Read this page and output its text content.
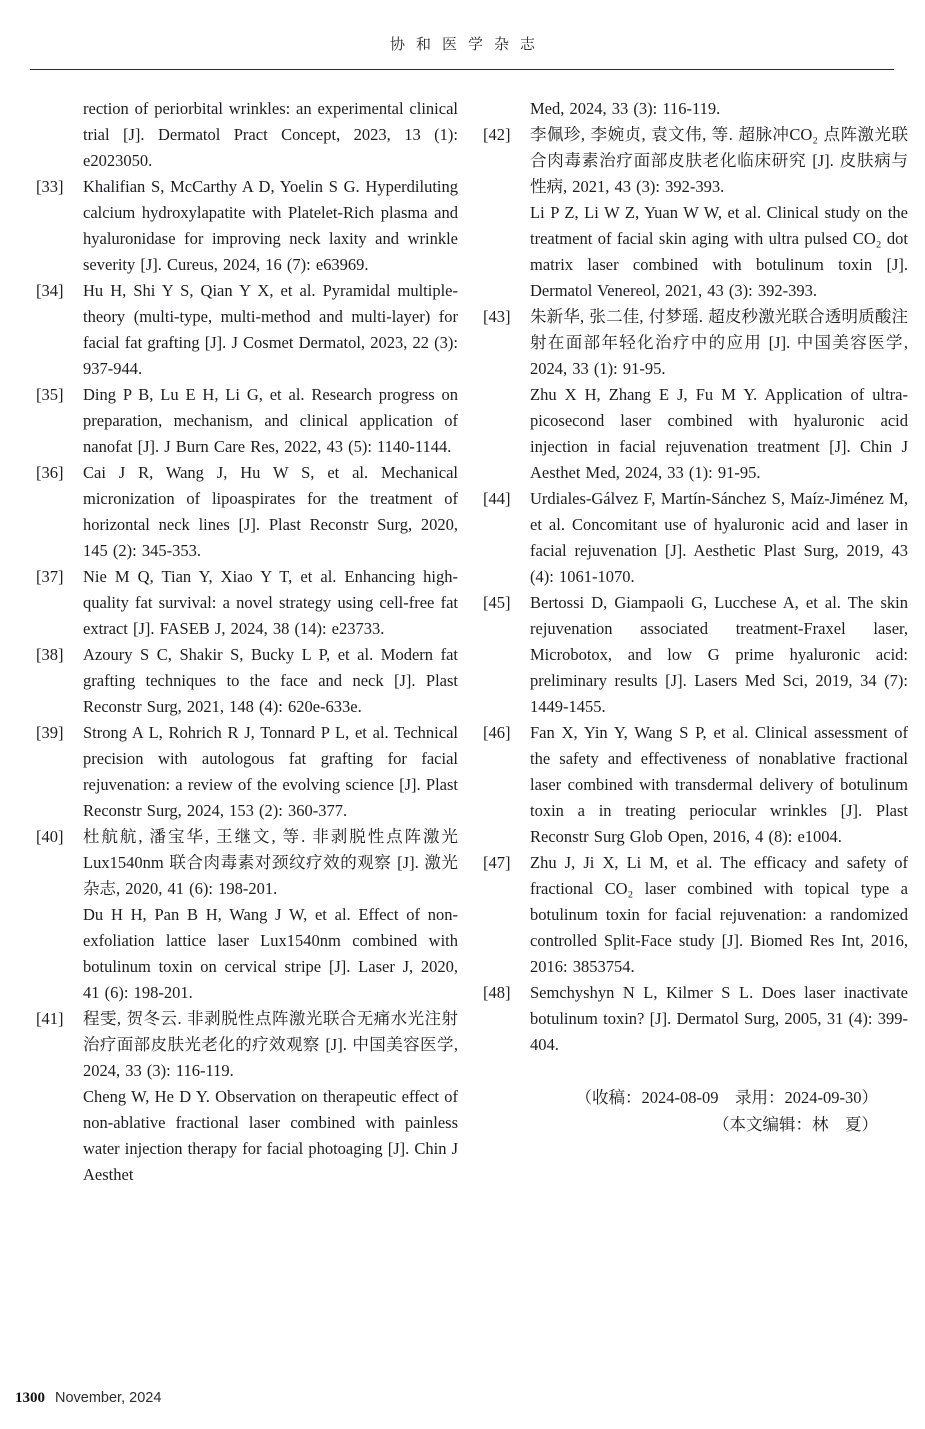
协和医学杂志

rection of periorbital wrinkles: an experimental clinical trial [J]. Dermatol Pract Concept, 2023, 13 (1): e2023050.

[33]	Khalifian S, McCarthy A D, Yoelin S G. Hyperdiluting calcium hydroxylapatite with Platelet-Rich plasma and hyaluronidase for improving neck laxity and wrinkle severity [J]. Cureus, 2024, 16 (7): e63969.

[34]	Hu H, Shi Y S, Qian Y X, et al. Pyramidal multiple-theory (multi-type, multi-method and multi-layer) for facial fat grafting [J]. J Cosmet Dermatol, 2023, 22 (3): 937-944.

[35]	Ding P B, Lu E H, Li G, et al. Research progress on preparation, mechanism, and clinical application of nanofat [J]. J Burn Care Res, 2022, 43 (5): 1140-1144.

[36]	Cai J R, Wang J, Hu W S, et al. Mechanical micronization of lipoaspirates for the treatment of horizontal neck lines [J]. Plast Reconstr Surg, 2020, 145 (2): 345-353.

[37]	Nie M Q, Tian Y, Xiao Y T, et al. Enhancing high-quality fat survival: a novel strategy using cell-free fat extract [J]. FASEB J, 2024, 38 (14): e23733.

[38]	Azoury S C, Shakir S, Bucky L P, et al. Modern fat grafting techniques to the face and neck [J]. Plast Reconstr Surg, 2021, 148 (4): 620e-633e.

[39]	Strong A L, Rohrich R J, Tonnard P L, et al. Technical precision with autologous fat grafting for facial rejuvenation: a review of the evolving science [J]. Plast Reconstr Surg, 2024, 153 (2): 360-377.

[40]	杜航航, 潘宝华, 王继文, 等. 非剥脱性点阵激光Lux1540nm 联合肉毒素对颈纹疗效的观察 [J]. 激光杂志, 2020, 41 (6): 198-201.

Du H H, Pan B H, Wang J W, et al. Effect of non-exfoliation lattice laser Lux1540nm combined with botulinum toxin on cervical stripe [J]. Laser J, 2020, 41 (6): 198-201.

[41]	程雯, 贺冬云. 非剥脱性点阵激光联合无痛水光注射治疗面部皮肤光老化的疗效观察 [J]. 中国美容医学, 2024, 33 (3): 116-119.

Cheng W, He D Y. Observation on therapeutic effect of non-ablative fractional laser combined with painless water injection therapy for facial photoaging [J]. Chin J Aesthet

Med, 2024, 33 (3): 116-119.

[42]	李佩珍, 李婉贞, 袁文伟, 等. 超脉冲CO₂ 点阵激光联合肉毒素治疗面部皮肤老化临床研究 [J]. 皮肤病与性病, 2021, 43 (3): 392-393.

Li P Z, Li W Z, Yuan W W, et al. Clinical study on the treatment of facial skin aging with ultra pulsed CO₂ dot matrix laser combined with botulinum toxin [J]. Dermatol Venereol, 2021, 43 (3): 392-393.

[43]	朱新华, 张二佳, 付梦瑶. 超皮秒激光联合透明质酸注射在面部年轻化治疗中的应用 [J]. 中国美容医学, 2024, 33 (1): 91-95.

Zhu X H, Zhang E J, Fu M Y. Application of ultra-picosecond laser combined with hyaluronic acid injection in facial rejuvenation treatment [J]. Chin J Aesthet Med, 2024, 33 (1): 91-95.

[44]	Urdiales-Gálvez F, Martín-Sánchez S, Maíz-Jiménez M, et al. Concomitant use of hyaluronic acid and laser in facial rejuvenation [J]. Aesthetic Plast Surg, 2019, 43 (4): 1061-1070.

[45]	Bertossi D, Giampaoli G, Lucchese A, et al. The skin rejuvenation associated treatment-Fraxel laser, Microbotox, and low G prime hyaluronic acid: preliminary results [J]. Lasers Med Sci, 2019, 34 (7): 1449-1455.

[46]	Fan X, Yin Y, Wang S P, et al. Clinical assessment of the safety and effectiveness of nonablative fractional laser combined with transdermal delivery of botulinum toxin a in treating periocular wrinkles [J]. Plast Reconstr Surg Glob Open, 2016, 4 (8): e1004.

[47]	Zhu J, Ji X, Li M, et al. The efficacy and safety of fractional CO₂ laser combined with topical type a botulinum toxin for facial rejuvenation: a randomized controlled Split-Face study [J]. Biomed Res Int, 2016, 2016: 3853754.

[48]	Semchyshyn N L, Kilmer S L. Does laser inactivate botulinum toxin? [J]. Dermatol Surg, 2005, 31 (4): 399-404.

（收稿：2024-08-09　录用：2024-09-30）
（本文编辑：林　夏）
1300 November, 2024
